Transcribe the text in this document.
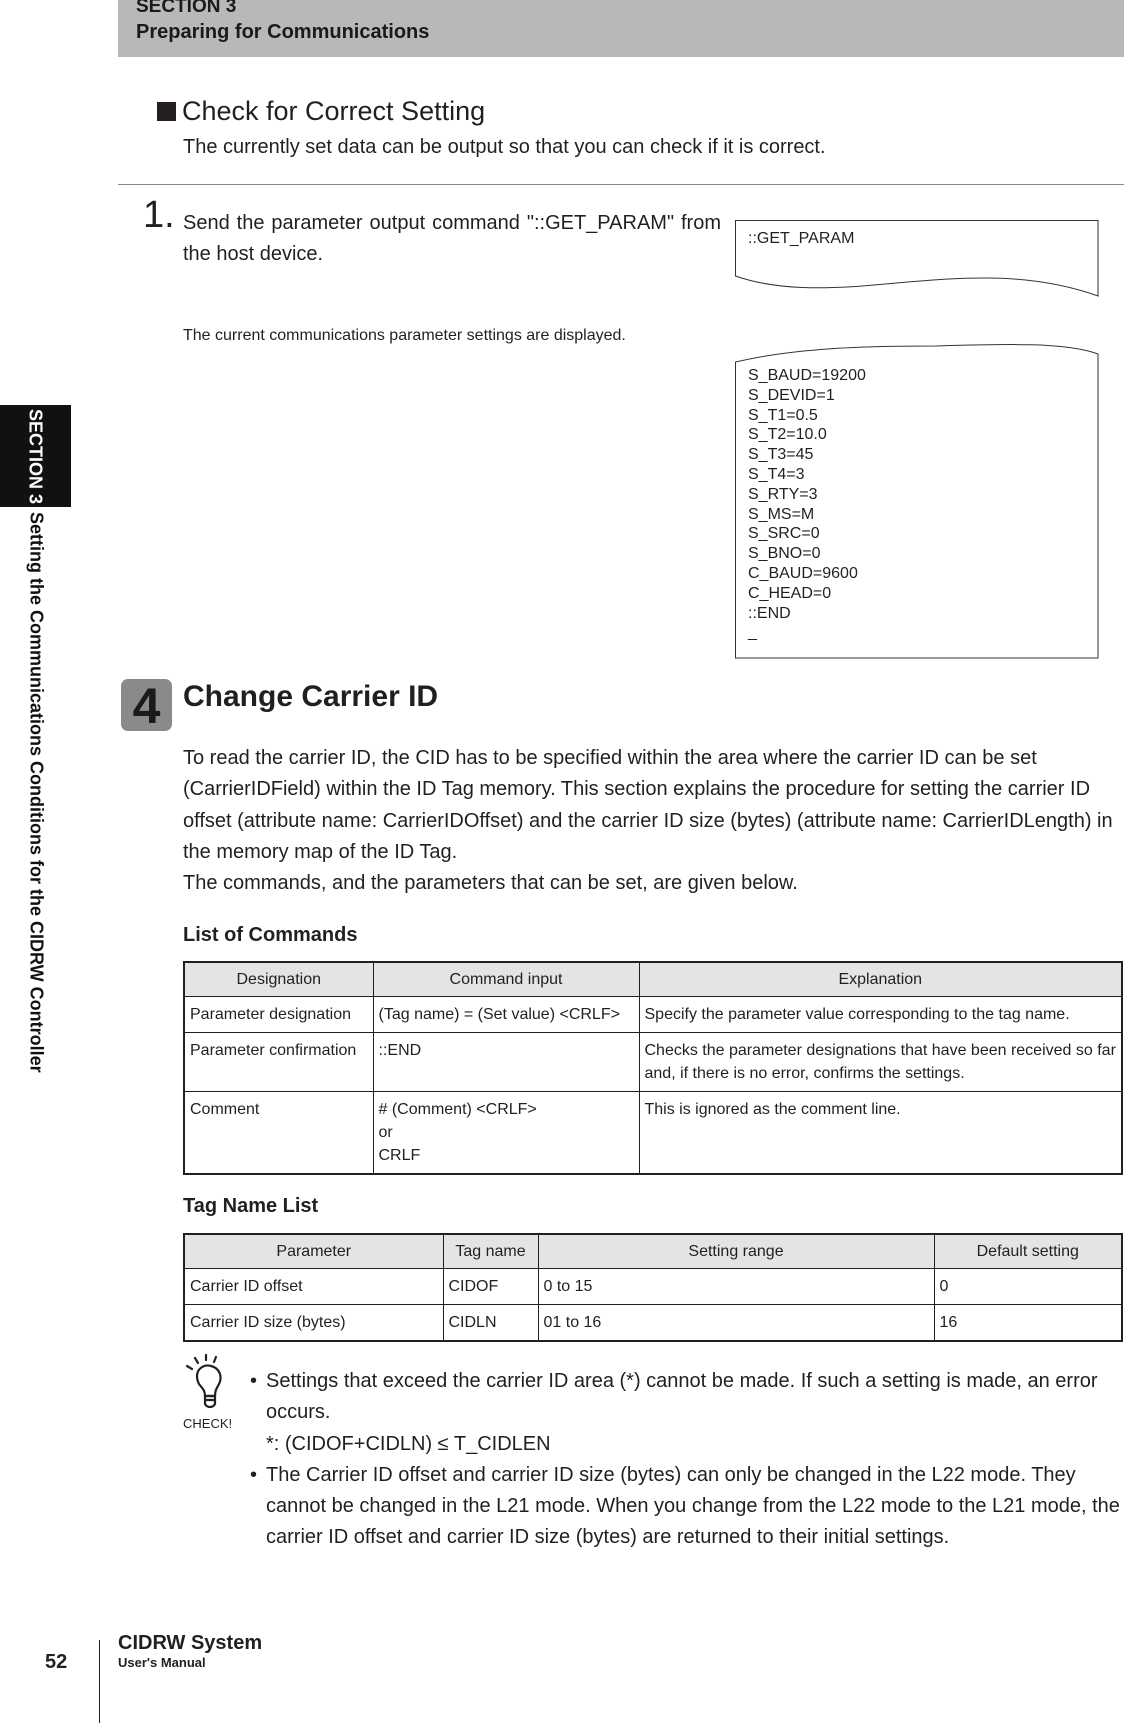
SECTION 3
Preparing for Communications
SECTION 3
Setting the Communications Conditions for the CIDRW Controller
Check for Correct Setting
The currently set data can be output so that you can check if it is correct.
1. Send the parameter output command "::GET_PARAM" from the host device.
The current communications parameter settings are displayed.
::GET_PARAM
S_BAUD=19200
S_DEVID=1
S_T1=0.5
S_T2=10.0
S_T3=45
S_T4=3
S_RTY=3
S_MS=M
S_SRC=0
S_BNO=0
C_BAUD=9600
C_HEAD=0
::END
_
4 Change Carrier ID

To read the carrier ID, the CID has to be specified within the area where the carrier ID can be set (CarrierIDField) within the ID Tag memory. This section explains the procedure for setting the carrier ID offset (attribute name: CarrierIDOffset) and the carrier ID size (bytes) (attribute name: CarrierIDLength) in the memory map of the ID Tag.

The commands, and the parameters that can be set, are given below.

List of Commands
Designation	Command input	Explanation
Parameter designation	(Tag name) = (Set value) <CRLF>	Specify the parameter value corresponding to the tag name.
Parameter confirmation	::END	Checks the parameter designations that have been received so far and, if there is no error, confirms the settings.
Comment	# (Comment) <CRLF>
or
CRLF	This is ignored as the comment line.
Tag Name List
Parameter	Tag name	Setting range	Default setting
Carrier ID offset	CIDOF	0 to 15	0
Carrier ID size (bytes)	CIDLN	01 to 16	16
CHECK!
• Settings that exceed the carrier ID area (*) cannot be made. If such a setting is made, an error occurs.
*: (CIDOF+CIDLN) ≤ T_CIDLEN
• The Carrier ID offset and carrier ID size (bytes) can only be changed in the L22 mode. They cannot be changed in the L21 mode. When you change from the L22 mode to the L21 mode, the carrier ID offset and carrier ID size (bytes) are returned to their initial settings.
52
CIDRW System
User's Manual
